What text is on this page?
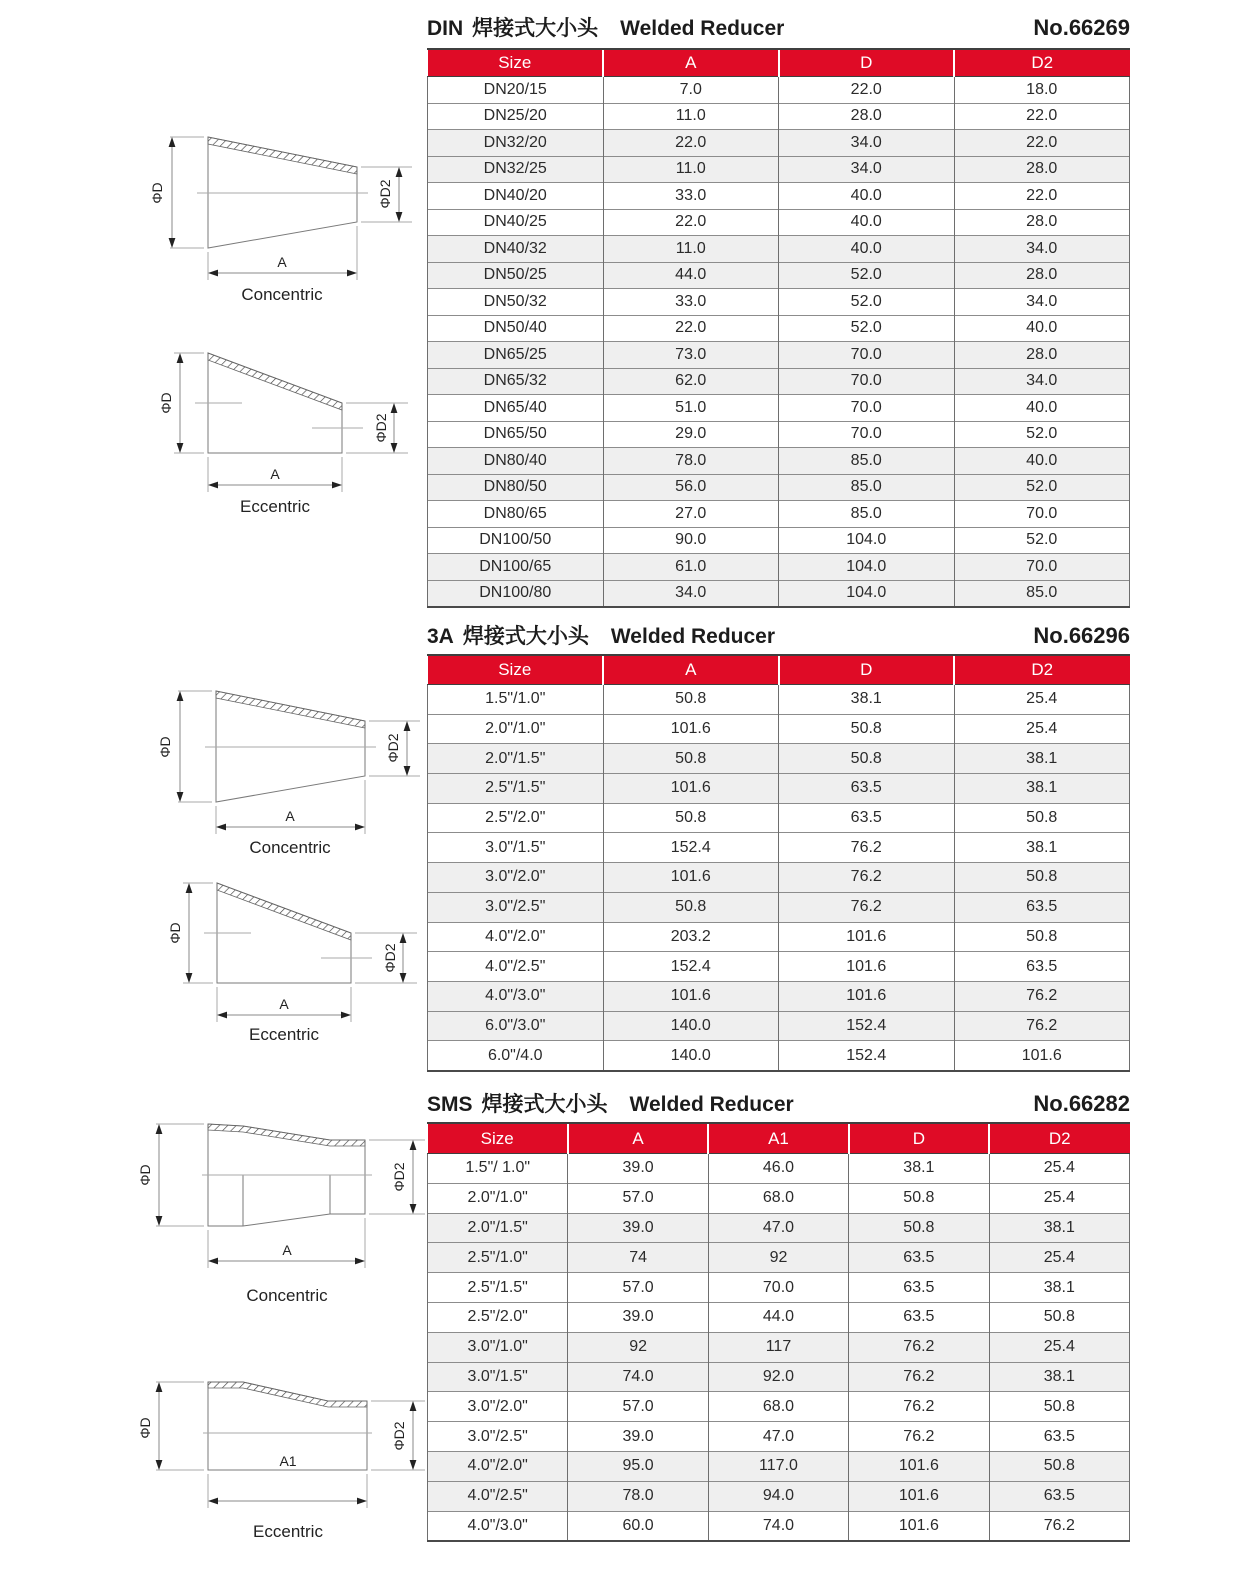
DIN 焊接式大小头 Welded Reducer	No.66269
Size	A	D	D2
DN20/15	7.0	22.0	18.0
DN25/20	11.0	28.0	22.0
DN32/20	22.0	34.0	22.0
DN32/25	11.0	34.0	28.0
DN40/20	33.0	40.0	22.0
DN40/25	22.0	40.0	28.0
DN40/32	11.0	40.0	34.0
DN50/25	44.0	52.0	28.0
DN50/32	33.0	52.0	34.0
DN50/40	22.0	52.0	40.0
DN65/25	73.0	70.0	28.0
DN65/32	62.0	70.0	34.0
DN65/40	51.0	70.0	40.0
DN65/50	29.0	70.0	52.0
DN80/40	78.0	85.0	40.0
DN80/50	56.0	85.0	52.0
DN80/65	27.0	85.0	70.0
DN100/50	90.0	104.0	52.0
DN100/65	61.0	104.0	70.0
DN100/80	34.0	104.0	85.0
3A 焊接式大小头 Welded Reducer	No.66296
Size	A	D	D2
1.5"/1.0"	50.8	38.1	25.4
2.0"/1.0"	101.6	50.8	25.4
2.0"/1.5"	50.8	50.8	38.1
2.5"/1.5"	101.6	63.5	38.1
2.5"/2.0"	50.8	63.5	50.8
3.0"/1.5"	152.4	76.2	38.1
3.0"/2.0"	101.6	76.2	50.8
3.0"/2.5"	50.8	76.2	63.5
4.0"/2.0"	203.2	101.6	50.8
4.0"/2.5"	152.4	101.6	63.5
4.0"/3.0"	101.6	101.6	76.2
6.0"/3.0"	140.0	152.4	76.2
6.0"/4.0	140.0	152.4	101.6
SMS 焊接式大小头 Welded Reducer	No.66282
Size	A	A1	D	D2
1.5"/ 1.0"	39.0	46.0	38.1	25.4
2.0"/1.0"	57.0	68.0	50.8	25.4
2.0"/1.5"	39.0	47.0	50.8	38.1
2.5"/1.0"	74	92	63.5	25.4
2.5"/1.5"	57.0	70.0	63.5	38.1
2.5"/2.0"	39.0	44.0	63.5	50.8
3.0"/1.0"	92	117	76.2	25.4
3.0"/1.5"	74.0	92.0	76.2	38.1
3.0"/2.0"	57.0	68.0	76.2	50.8
3.0"/2.5"	39.0	47.0	76.2	63.5
4.0"/2.0"	95.0	117.0	101.6	50.8
4.0"/2.5"	78.0	94.0	101.6	63.5
4.0"/3.0"	60.0	74.0	101.6	76.2
ΦD	ΦD2
A
Concentric
ΦD
ΦD2
A
Eccentric
ΦD	ΦD2
A
Concentric
ΦD
ΦD2
A
Eccentric
ΦD	ΦD2
A
Concentric
ΦD	ΦD2
A1
Eccentric
